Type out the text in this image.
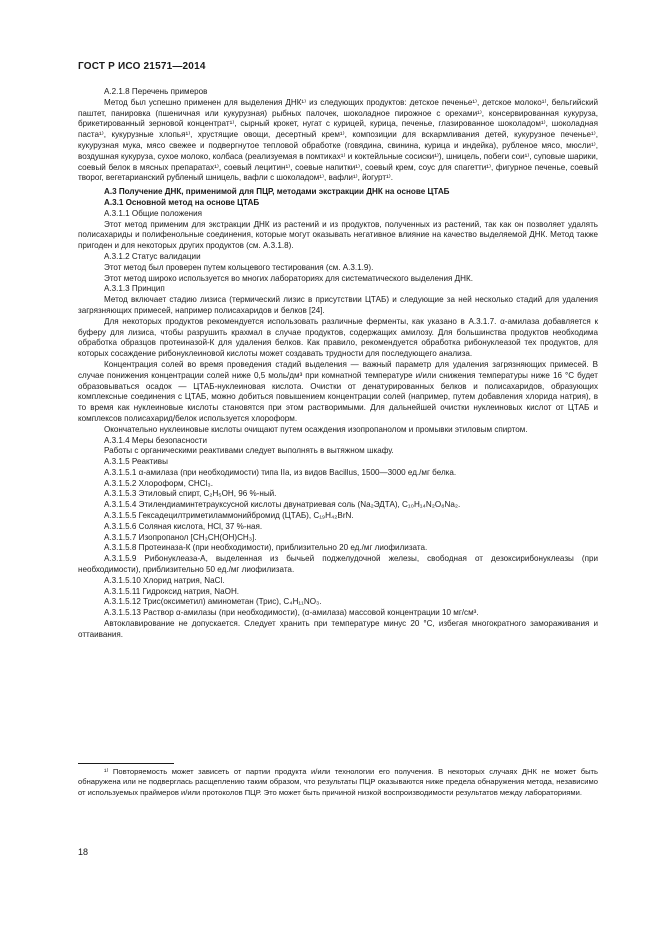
ГОСТ Р ИСО 21571—2014

A.2.1.8 Перечень примеров

Метод был успешно применен для выделения ДНК¹⁾ из следующих продуктов: детское печенье¹⁾, детское молоко¹⁾, бельгийский паштет, панировка (пшеничная или кукурузная) рыбных палочек, шоколадное пирожное с орехами¹⁾, консервированная кукуруза, брикетированный зерновой концентрат¹⁾, сырный крокет, нугат с курицей, курица, печенье, глазированное шоколадом¹⁾, шоколадная паста¹⁾, кукурузные хлопья¹⁾, хрустящие овощи, десертный крем¹⁾, композиции для вскармливания детей, кукурузное печенье¹⁾, кукурузная мука, мясо свежее и подвергнутое тепловой обработке (говядина, свинина, курица и индейка), рубленое мясо, мюсли¹⁾, воздушная кукуруза, сухое молоко, колбаса (реализуемая в помтиках¹⁾ и коктейльные сосиски¹⁾), шницель, побеги сои¹⁾, суповые шарики, соевый белок в мясных препаратах¹⁾, соевый лецитин¹⁾, соевые напитки¹⁾, соевый крем, соус для спагетти¹⁾, фигурное печенье, соевый творог, вегетарианский рубленый шницель, вафли с шоколадом¹⁾, вафли¹⁾, йогурт¹⁾.

А.3 Получение ДНК, применимой для ПЦР, методами экстракции ДНК на основе ЦТАБ

А.3.1 Основной метод на основе ЦТАБ

А.3.1.1 Общие положения

Этот метод применим для экстракции ДНК из растений и из продуктов, полученных из растений, так как он позволяет удалять полисахариды и полифенольные соединения, которые могут оказывать негативное влияние на качество выделяемой ДНК. Метод также пригоден и для некоторых других продуктов (см. А.3.1.8).

А.3.1.2 Статус валидации

Этот метод был проверен путем кольцевого тестирования (см. А.3.1.9).

Этот метод широко используется во многих лабораториях для систематического выделения ДНК.

А.3.1.3 Принцип

Метод включает стадию лизиса (термический лизис в присутствии ЦТАБ) и следующие за ней несколько стадий для удаления загрязняющих примесей, например полисахаридов и белков [24].

Для некоторых продуктов рекомендуется использовать различные ферменты, как указано в А.3.1.7. α-амилаза добавляется к буферу для лизиса, чтобы разрушить крахмал в случае продуктов, содержащих амилозу. Для большинства продуктов необходима обработка образцов протеиназой-К для удаления белков. Как правило, рекомендуется обработка рибонуклеазой тех продуктов, для которых сосаждение рибонуклеиновой кислоты может создавать трудности для последующего анализа.

Концентрация солей во время проведения стадий выделения — важный параметр для удаления загрязняющих примесей. В случае понижения концентрации солей ниже 0,5 моль/дм³ при комнатной температуре и/или снижения температуры ниже 16 °С будет образовываться осадок — ЦТАБ-нуклеиновая кислота. Очистки от денатурированных белков и полисахаридов, образующих комплексные соединения с ЦТАБ, можно добиться повышением концентрации солей (например, путем добавления хлорида натрия), в то время как нуклеиновые кислоты становятся при этом растворимыми. Для дальнейшей очистки нуклеиновых кислот от ЦТАБ и комплексов полисахарид/белок используется хлороформ.

Окончательно нуклеиновые кислоты очищают путем осаждения изопропанолом и промывки этиловым спиртом.

А.3.1.4 Меры безопасности

Работы с органическими реактивами следует выполнять в вытяжном шкафу.

А.3.1.5 Реактивы

А.3.1.5.1 α-амилаза (при необходимости) типа IIa, из видов Bacillus, 1500—3000 ед./мг белка.

А.3.1.5.2 Хлороформ, CHCl₃.

А.3.1.5.3 Этиловый спирт, C₂H₅OH, 96 %-ный.

А.3.1.5.4 Этилендиаминтетрауксусной кислоты двунатриевая соль (Na₂ЭДТА), C₁₀H₁₄N₂O₈Na₂.

А.3.1.5.5 Гексадецилтриметиламмонийбромид (ЦТАБ), C₁₉H₄₂BrN.

А.3.1.5.6 Соляная кислота, HCl, 37 %-ная.

А.3.1.5.7 Изопропанол [CH₃CH(OH)CH₃].

А.3.1.5.8 Протеиназа-К (при необходимости), приблизительно 20 ед./мг лиофилизата.

А.3.1.5.9 Рибонуклеаза-А, выделенная из бычьей поджелудочной железы, свободная от дезоксирибонуклеазы (при необходимости), приблизительно 50 ед./мг лиофилизата.

А.3.1.5.10 Хлорид натрия, NaCl.

А.3.1.5.11 Гидроксид натрия, NaOH.

А.3.1.5.12 Трис(оксиметил) аминометан (Трис), C₄H₁₁NO₃.

А.3.1.5.13 Раствор α-амилазы (при необходимости), (α-амилаза) массовой концентрации 10 мг/см³.

Автоклавирование не допускается. Следует хранить при температуре минус 20 °С, избегая многократного замораживания и оттаивания.

¹⁾ Повторяемость может зависеть от партии продукта и/или технологии его получения. В некоторых случаях ДНК не может быть обнаружена или не подверглась расщеплению таким образом, что результаты ПЦР оказываются ниже предела обнаружения метода, независимо от используемых праймеров и/или протоколов ПЦР. Это может быть причиной низкой воспроизводимости результатов между лабораториями.

18
